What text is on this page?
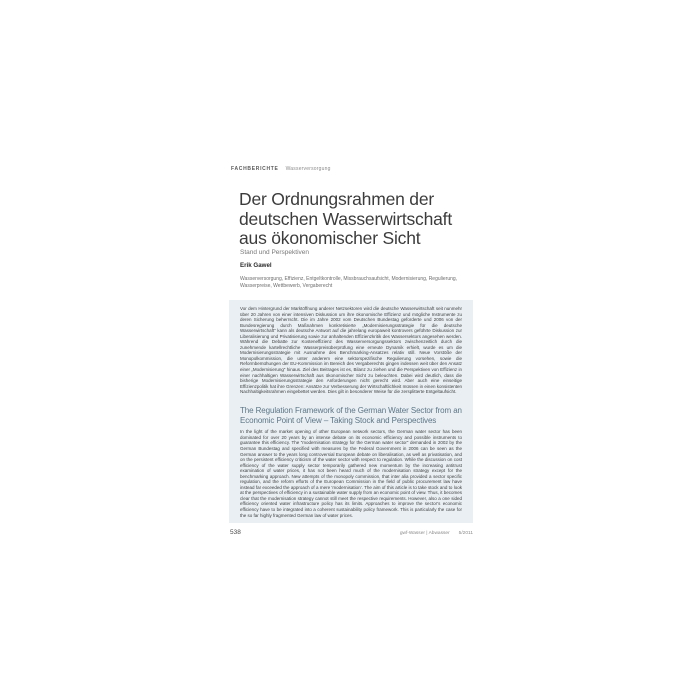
FACHBERICHTE Wasserversorgung
Der Ordnungsrahmen der
deutschen Wasserwirtschaft
aus ökonomischer Sicht
Stand und Perspektiven
Erik Gawel
Wasserversorgung, Effizienz, Entgeltkontrolle, Missbrauchsaufsicht, Modernisierung, Regulierung, Wasserpreise, Wettbewerb, Vergaberecht

Vor dem Hintergrund der Marktöffnung anderer Netzsektoren wird die deutsche Wasserwirtschaft seit nunmehr über 20 Jahren von einer intensiven Diskussion um ihre ökonomische Effizienz und mögliche Instrumente zu deren Sicherung beherrscht. Die im Jahre 2002 vom Deutschen Bundestag geforderte und 2006 von der Bundesregierung durch Maßnahmen konkretisierte „Modernisierungsstrategie für die deutsche Wasserwirtschaft“ kann als deutsche Antwort auf die jahrelang europaweit kontrovers geführte Diskussion zur Liberalisierung und Privatisierung sowie zur anhaltenden Effizienzkritik des Wassersektors angesehen werden. Während die Debatte zur Kosteneffizienz des Wasserversorgungssektors zwischenzeitlich durch die zunehmende kartellrechtliche Wasserpreisüberprüfung eine erneute Dynamik erhielt, wurde es um die Modernisierungsstrategie mit Ausnahme des Benchmarking-Ansatzes relativ still. Neue Vorstöße der Monopolkommission, die unter anderem eine sektorspezifische Regulierung vorsehen, sowie die Reformbemühungen der EU-Kommission im Bereich des Vergaberechts gingen indessen weit über den Ansatz einer „Modernisierung“ hinaus. Ziel des Beitrages ist es, Bilanz zu ziehen und die Perspektiven von Effizienz in einer nachhaltigen Wasserwirtschaft aus ökonomischer Sicht zu beleuchten. Dabei wird deutlich, dass die bisherige Modernisierungsstrategie den Anforderungen nicht gerecht wird. Aber auch eine einseitige Effizienzpolitik hat ihre Grenzen: Ansätze zur Verbesserung der Wirtschaftlichkeit müssen in einen konsistenten Nachhaltigkeitsrahmen eingebettet werden. Dies gilt in besonderer Weise für die zersplitterte Entgeltaufsicht.

The Regulation Framework of the German Water Sector from an
Economic Point of View – Taking Stock and Perspectives

In the light of the market opening of other European network sectors, the German water sector has been dominated for over 20 years by an intense debate on its economic efficiency and possible instruments to guarantee this efficiency. The “modernisation strategy for the German water sector” demanded in 2002 by the German Bundestag and specified with measures by the Federal Government in 2006 can be seen as the German answer to the years long controversial European debate on liberalisation, as well as privatisation, and on the persistent efficiency criticism of the water sector with respect to regulation. While the discussion on cost efficiency of the water supply sector temporarily gathered new momentum by the increasing antitrust examination of water prices, it has not been heard much of the modernisation strategy except for the benchmarking approach. New attempts of the monopoly commission, that inter alia provided a sector specific regulation, and the reform efforts of the European Commission in the field of public procurement law have instead far exceeded the approach of a mere ‘modernisation’. The aim of this article is to take stock and to look at the perspectives of efficiency in a sustainable water supply from an economic point of view. Thus, it becomes clear that the modernisation strategy cannot still meet the respective requirements. However, also a one sided efficiency oriented water infrastructure policy has its limits. Approaches to improve the sector’s economic efficiency have to be integrated into a coherent sustainability policy framework. This is particularly the case for the so far highly fragmented German law of water prices.

538	gwf-Wasser | Abwasser 5/2011
